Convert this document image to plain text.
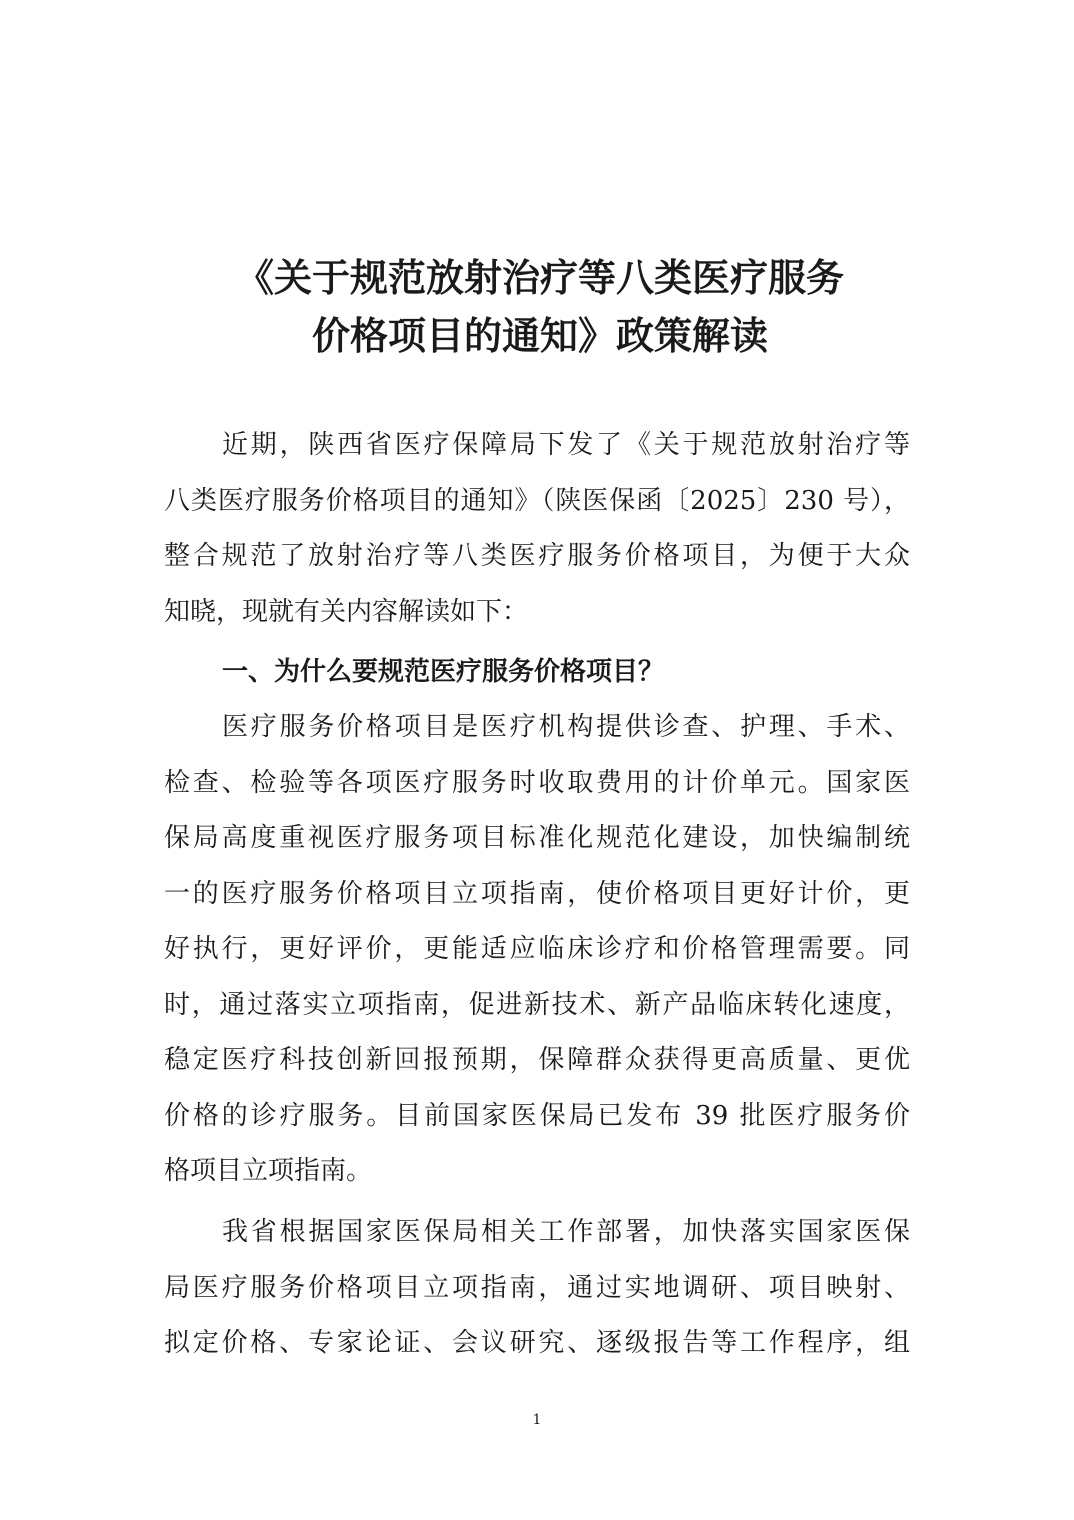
《关于规范放射治疗等八类医疗服务
价格项目的通知》政策解读
近期，陕西省医疗保障局下发了《关于规范放射治疗等
八类医疗服务价格项目的通知》（陕医保函〔2025〕230 号），
整合规范了放射治疗等八类医疗服务价格项目，为便于大众
知晓，现就有关内容解读如下：
一、为什么要规范医疗服务价格项目？
医疗服务价格项目是医疗机构提供诊查、护理、手术、
检查、检验等各项医疗服务时收取费用的计价单元。国家医
保局高度重视医疗服务项目标准化规范化建设，加快编制统
一的医疗服务价格项目立项指南，使价格项目更好计价，更
好执行，更好评价，更能适应临床诊疗和价格管理需要。同
时，通过落实立项指南，促进新技术、新产品临床转化速度，
稳定医疗科技创新回报预期，保障群众获得更高质量、更优
价格的诊疗服务。目前国家医保局已发布 39 批医疗服务价
格项目立项指南。
我省根据国家医保局相关工作部署，加快落实国家医保
局医疗服务价格项目立项指南，通过实地调研、项目映射、
拟定价格、专家论证、会议研究、逐级报告等工作程序，组
1
